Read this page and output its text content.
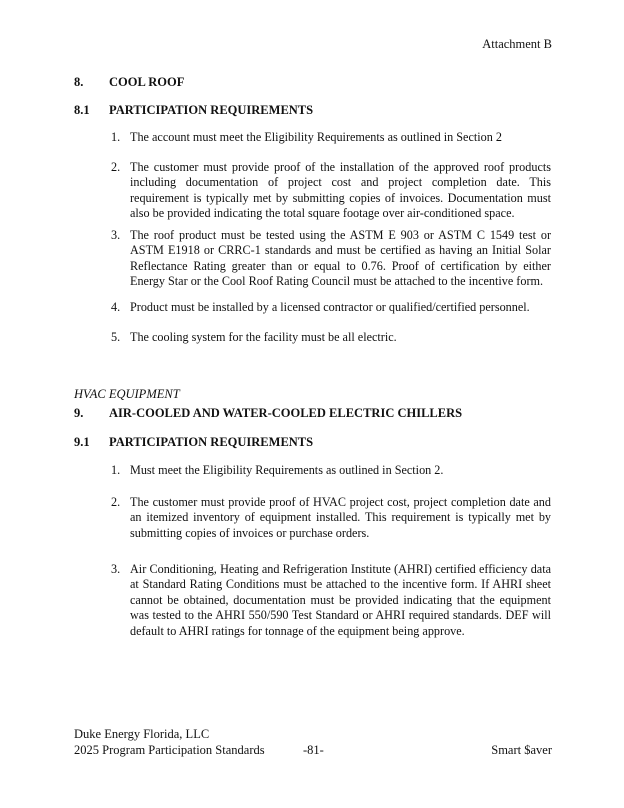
Attachment B
8. COOL ROOF
8.1 PARTICIPATION REQUIREMENTS
1. The account must meet the Eligibility Requirements as outlined in Section 2
2. The customer must provide proof of the installation of the approved roof products including documentation of project cost and project completion date. This requirement is typically met by submitting copies of invoices. Documentation must also be provided indicating the total square footage over air-conditioned space.
3. The roof product must be tested using the ASTM E 903 or ASTM C 1549 test or ASTM E1918 or CRRC-1 standards and must be certified as having an Initial Solar Reflectance Rating greater than or equal to 0.76. Proof of certification by either Energy Star or the Cool Roof Rating Council must be attached to the incentive form.
4. Product must be installed by a licensed contractor or qualified/certified personnel.
5. The cooling system for the facility must be all electric.
HVAC EQUIPMENT
9. AIR-COOLED AND WATER-COOLED ELECTRIC CHILLERS
9.1 PARTICIPATION REQUIREMENTS
1. Must meet the Eligibility Requirements as outlined in Section 2.
2. The customer must provide proof of HVAC project cost, project completion date and an itemized inventory of equipment installed. This requirement is typically met by submitting copies of invoices or purchase orders.
3. Air Conditioning, Heating and Refrigeration Institute (AHRI) certified efficiency data at Standard Rating Conditions must be attached to the incentive form. If AHRI sheet cannot be obtained, documentation must be provided indicating that the equipment was tested to the AHRI 550/590 Test Standard or AHRI required standards. DEF will default to AHRI ratings for tonnage of the equipment being approve.
Duke Energy Florida, LLC
2025 Program Participation Standards	-81-	Smart $aver
